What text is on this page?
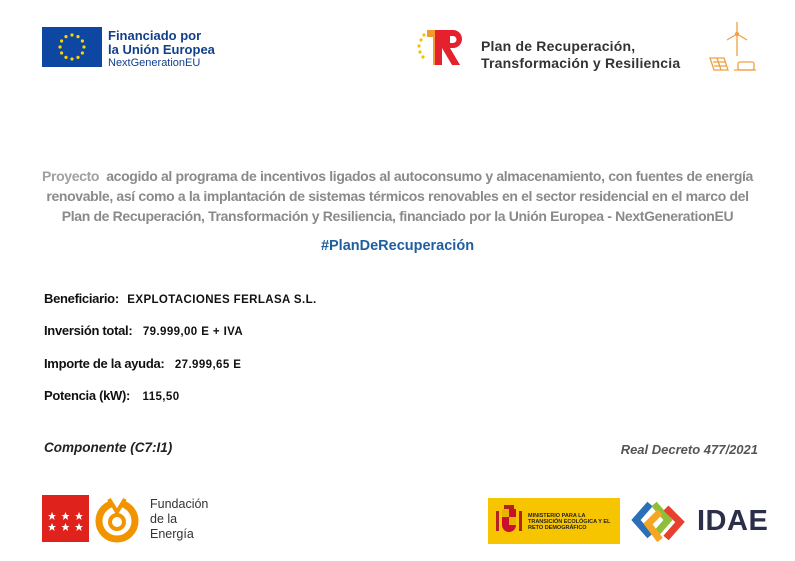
Financiado por
la Unión Europea
NextGenerationEU
Plan de Recuperación,
Transformación y Resiliencia
Proyecto acogido al programa de incentivos ligados al autoconsumo y almacenamiento, con fuentes de energía
renovable, así como a la implantación de sistemas térmicos renovables en el sector residencial en el marco del
Plan de Recuperación, Transformación y Resiliencia, financiado por la Unión Europea - NextGenerationEU
#PlanDeRecuperación
Beneficiario: EXPLOTACIONES FERLASA S.L.
Inversión total: 79.999,00 E + IVA
Importe de la ayuda: 27.999,65 E
Potencia (kW): 115,50
Componente (C7:I1)	Real Decreto 477/2021
Fundación
de la
Energía
MINISTERIO PARA LA TRANSICIÓN ECOLÓGICA Y EL RETO DEMOGRÁFICO	IDAE
